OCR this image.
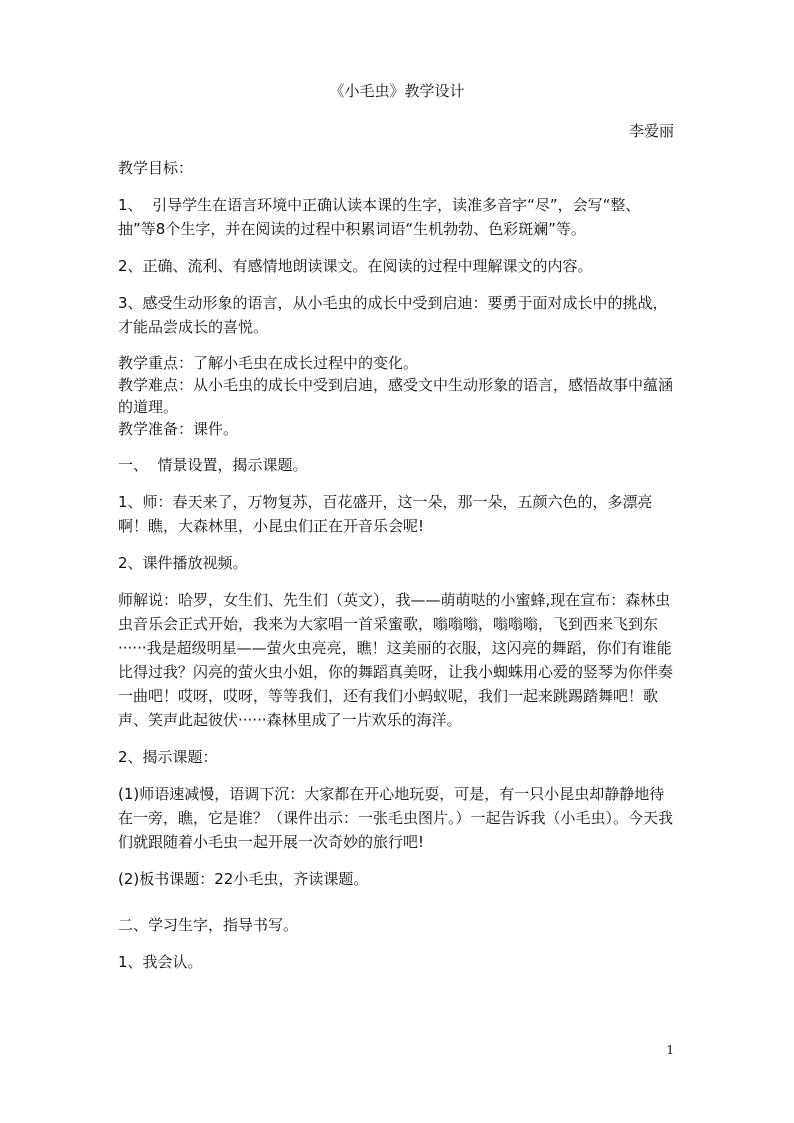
《小毛虫》教学设计
李爱丽

教学目标：

1、  引导学生在语言环境中正确认读本课的生字，读准多音字“尽”，会写“整、抽”等8个生字，并在阅读的过程中积累词语“生机勃勃、色彩斑斓”等。

2、正确、流利、有感情地朗读课文。在阅读的过程中理解课文的内容。

3、感受生动形象的语言，从小毛虫的成长中受到启迪：要勇于面对成长中的挑战，才能品尝成长的喜悦。

教学重点：了解小毛虫在成长过程中的变化。

教学难点：从小毛虫的成长中受到启迪，感受文中生动形象的语言，感悟故事中蕴涵的道理。

教学准备：课件。

一、  情景设置，揭示课题。

1、师：春天来了，万物复苏，百花盛开，这一朵，那一朵，五颜六色的，多漂亮啊！瞧，大森林里，小昆虫们正在开音乐会呢!

2、课件播放视频。

师解说：哈罗，女生们、先生们（英文），我——萌萌哒的小蜜蜂,现在宣布：森林虫虫音乐会正式开始，我来为大家唱一首采蜜歌，嗡嗡嗡，嗡嗡嗡，飞到西来飞到东······我是超级明星——萤火虫亮亮，瞧！这美丽的衣服，这闪亮的舞蹈，你们有谁能比得过我？闪亮的萤火虫小姐，你的舞蹈真美呀，让我小蜘蛛用心爱的竖琴为你伴奏一曲吧！哎呀，哎呀，等等我们，还有我们小蚂蚁呢，我们一起来跳踢踏舞吧！歌声、笑声此起彼伏······森林里成了一片欢乐的海洋。

2、揭示课题：

(1)师语速减慢，语调下沉：大家都在开心地玩耍，可是，有一只小昆虫却静静地待在一旁，瞧，它是谁？（课件出示：一张毛虫图片。）一起告诉我（小毛虫）。今天我们就跟随着小毛虫一起开展一次奇妙的旅行吧!

(2)板书课题：22小毛虫，齐读课题。

二、学习生字，指导书写。

1、我会认。

1
